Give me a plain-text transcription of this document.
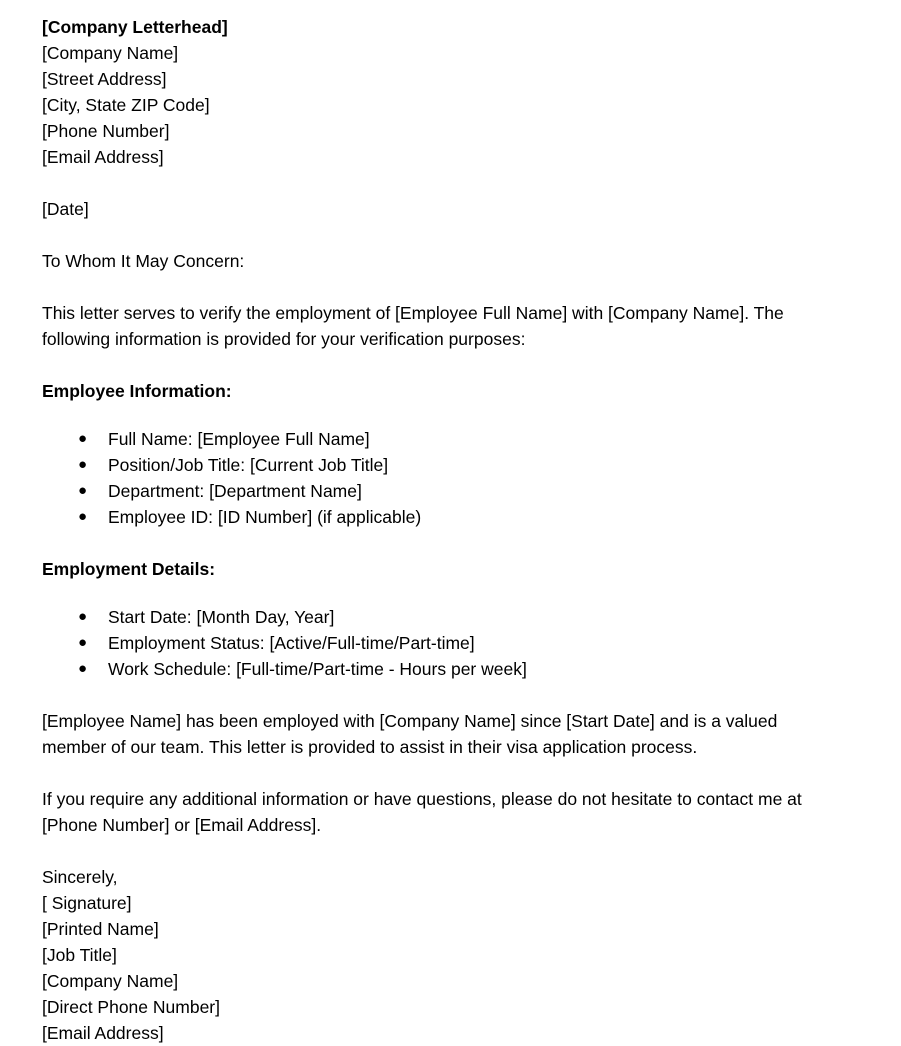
[Company Letterhead]
[Company Name]
[Street Address]
[City, State ZIP Code]
[Phone Number]
[Email Address]
[Date]
To Whom It May Concern:

This letter serves to verify the employment of [Employee Full Name] with [Company Name]. The following information is provided for your verification purposes:

Employee Information:
● Full Name: [Employee Full Name]
● Position/Job Title: [Current Job Title]
● Department: [Department Name]
● Employee ID: [ID Number] (if applicable)
Employment Details:
● Start Date: [Month Day, Year]
● Employment Status: [Active/Full-time/Part-time]
● Work Schedule: [Full-time/Part-time - Hours per week]

[Employee Name] has been employed with [Company Name] since [Start Date] and is a valued member of our team. This letter is provided to assist in their visa application process.

If you require any additional information or have questions, please do not hesitate to contact me at [Phone Number] or [Email Address].

Sincerely,
[ Signature]
[Printed Name]
[Job Title]
[Company Name]
[Direct Phone Number]
[Email Address]
